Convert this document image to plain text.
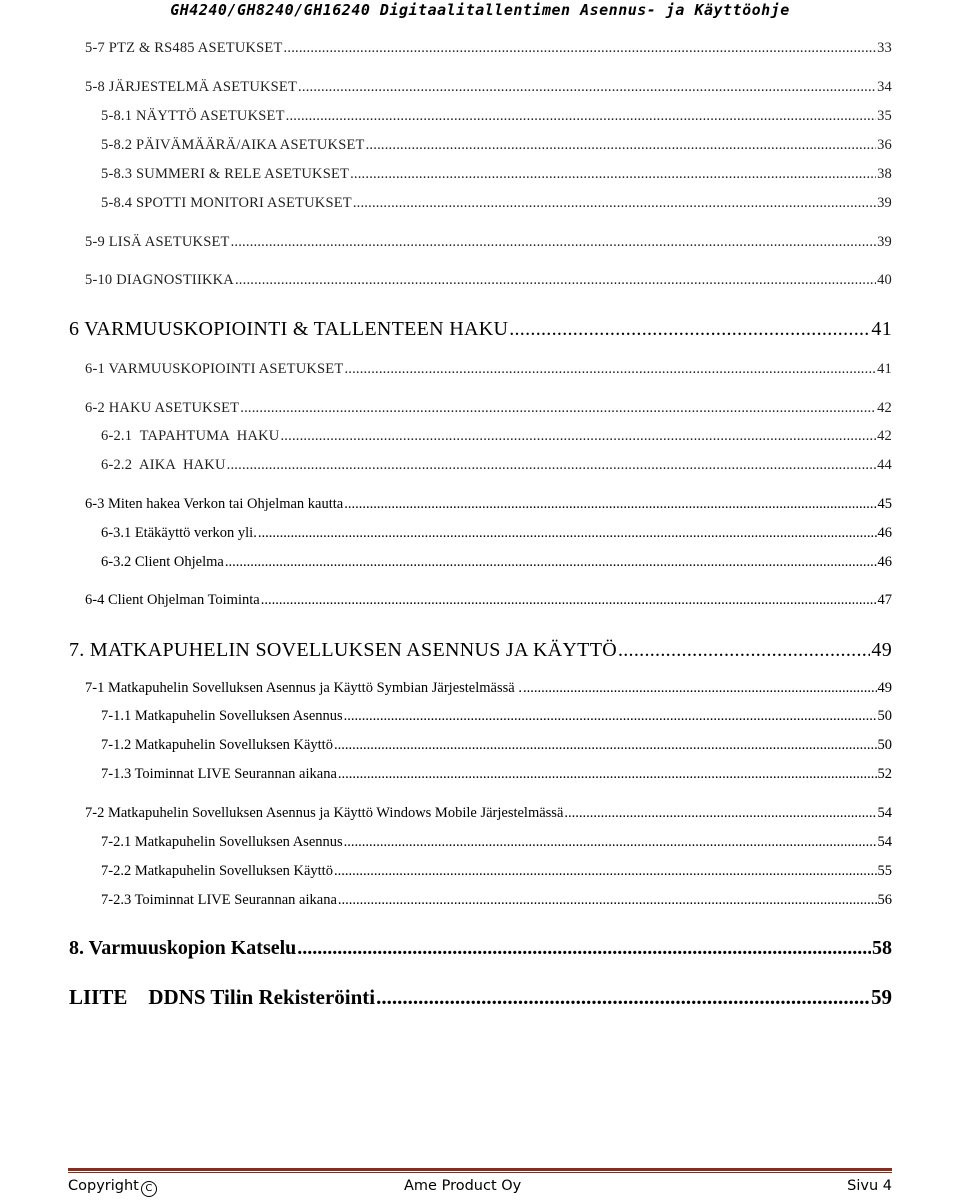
GH4240/GH8240/GH16240 Digitaalitallentimen Asennus- ja Käyttöohje
5-7 PTZ & RS485 ASETUKSET .....	33
5-8 JÄRJESTELMÄ ASETUKSET .....	34
5-8.1 NÄYTTÖ ASETUKSET .....	35
5-8.2 PÄIVÄMÄÄRÄ/AIKA ASETUKSET .....	36
5-8.3 SUMMERI & RELE ASETUKSET .....	38
5-8.4 SPOTTI MONITORI ASETUKSET .....	39
5-9 LISÄ ASETUKSET .....	39
5-10 DIAGNOSTIIKKA .....	40
6 VARMUUSKOPIOINTI & TALLENTEEN HAKU .....	41
6-1 VARMUUSKOPIOINTI ASETUKSET .....	41
6-2 HAKU ASETUKSET .....	42
6-2.1  TAPAHTUMA  HAKU .....	42
6-2.2  AIKA  HAKU .....	44
6-3 Miten hakea Verkon tai Ohjelman kautta .....	45
6-3.1 Etäkäyttö verkon yli. .....	46
6-3.2 Client Ohjelma .....	46
6-4 Client Ohjelman Toiminta .....	47
7. MATKAPUHELIN SOVELLUKSEN ASENNUS JA KÄYTTÖ .....	49
7-1 Matkapuhelin Sovelluksen Asennus ja Käyttö Symbian Järjestelmässä . .....	49
7-1.1 Matkapuhelin Sovelluksen Asennus .....	50
7-1.2 Matkapuhelin Sovelluksen Käyttö .....	50
7-1.3 Toiminnat LIVE Seurannan aikana .....	52
7-2 Matkapuhelin Sovelluksen Asennus ja Käyttö Windows Mobile Järjestelmässä .....	54
7-2.1 Matkapuhelin Sovelluksen Asennus .....	54
7-2.2 Matkapuhelin Sovelluksen Käyttö .....	55
7-2.3 Toiminnat LIVE Seurannan aikana .....	56
8. Varmuuskopion Katselu .....	58
LIITE    DDNS Tilin Rekisteröinti .....	59
Copyright C	Ame Product Oy	Sivu 4
